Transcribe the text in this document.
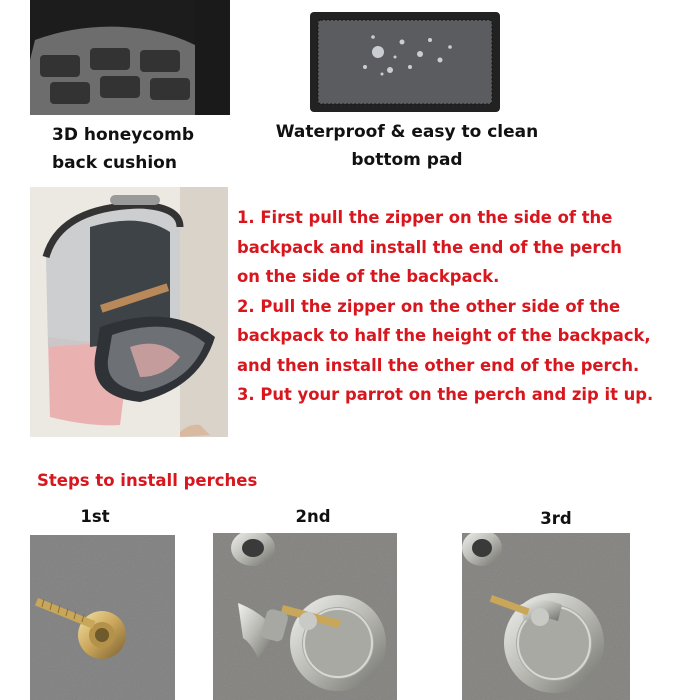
3D honeycomb
back cushion
Waterproof & easy to clean
bottom pad

1. First pull the zipper on the side of the

backpack and install the end of the perch

on the side of the backpack.

2. Pull the zipper on the other side of the

backpack to half the height of the backpack,

and then install the other end of the perch.

3. Put your parrot on the perch and zip it up.

Steps to install perches
1st	2nd	3rd
